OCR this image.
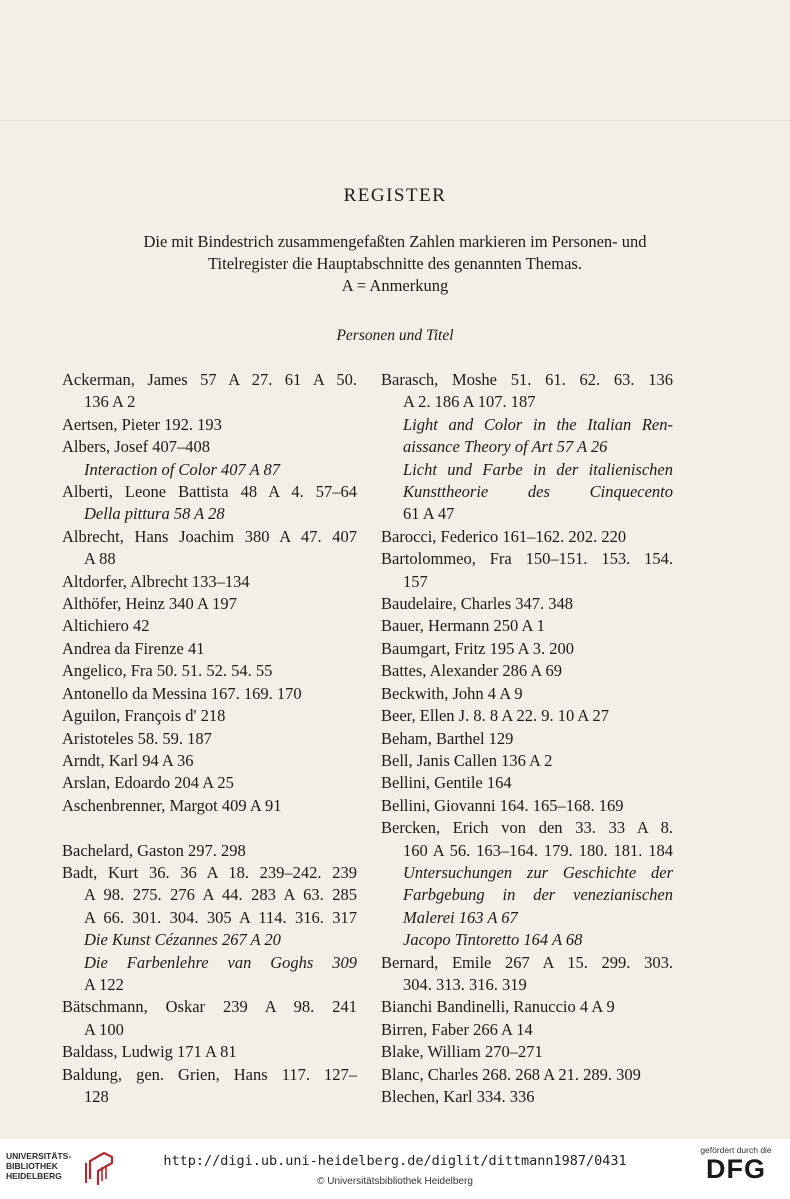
REGISTER
Die mit Bindestrich zusammengefaßten Zahlen markieren im Personen- und
Titelregister die Hauptabschnitte des genannten Themas.
A = Anmerkung
Personen und Titel
Ackerman, James 57 A 27. 61 A 50.
136 A 2
Aertsen, Pieter 192. 193
Albers, Josef 407–408
Interaction of Color 407 A 87
Alberti, Leone Battista 48 A 4. 57–64
Della pittura 58 A 28
Albrecht, Hans Joachim 380 A 47. 407
A 88
Altdorfer, Albrecht 133–134
Althöfer, Heinz 340 A 197
Altichiero 42
Andrea da Firenze 41
Angelico, Fra 50. 51. 52. 54. 55
Antonello da Messina 167. 169. 170
Aguilon, François d' 218
Aristoteles 58. 59. 187
Arndt, Karl 94 A 36
Arslan, Edoardo 204 A 25
Aschenbrenner, Margot 409 A 91
Bachelard, Gaston 297. 298
Badt, Kurt 36. 36 A 18. 239–242. 239
A 98. 275. 276 A 44. 283 A 63. 285
A 66. 301. 304. 305 A 114. 316. 317
Die Kunst Cézannes 267 A 20
Die Farbenlehre van Goghs 309
A 122
Bätschmann, Oskar 239 A 98. 241
A 100
Baldass, Ludwig 171 A 81
Baldung, gen. Grien, Hans 117. 127–
128
Barasch, Moshe 51. 61. 62. 63. 136
A 2. 186 A 107. 187
Light and Color in the Italian Ren-
aissance Theory of Art 57 A 26
Licht und Farbe in der italienischen
Kunsttheorie des Cinquecento
61 A 47
Barocci, Federico 161–162. 202. 220
Bartolommeo, Fra 150–151. 153. 154.
157
Baudelaire, Charles 347. 348
Bauer, Hermann 250 A 1
Baumgart, Fritz 195 A 3. 200
Battes, Alexander 286 A 69
Beckwith, John 4 A 9
Beer, Ellen J. 8. 8 A 22. 9. 10 A 27
Beham, Barthel 129
Bell, Janis Callen 136 A 2
Bellini, Gentile 164
Bellini, Giovanni 164. 165–168. 169
Bercken, Erich von den 33. 33 A 8.
160 A 56. 163–164. 179. 180. 181. 184
Untersuchungen zur Geschichte der
Farbgebung in der venezianischen
Malerei 163 A 67
Jacopo Tintoretto 164 A 68
Bernard, Emile 267 A 15. 299. 303.
304. 313. 316. 319
Bianchi Bandinelli, Ranuccio 4 A 9
Birren, Faber 266 A 14
Blake, William 270–271
Blanc, Charles 268. 268 A 21. 289. 309
Blechen, Karl 334. 336
UNIVERSITÄTS-
BIBLIOTHEK
HEIDELBERG
http://digi.ub.uni-heidelberg.de/diglit/dittmann1987/0431
© Universitätsbibliothek Heidelberg
gefördert durch die
DFG
